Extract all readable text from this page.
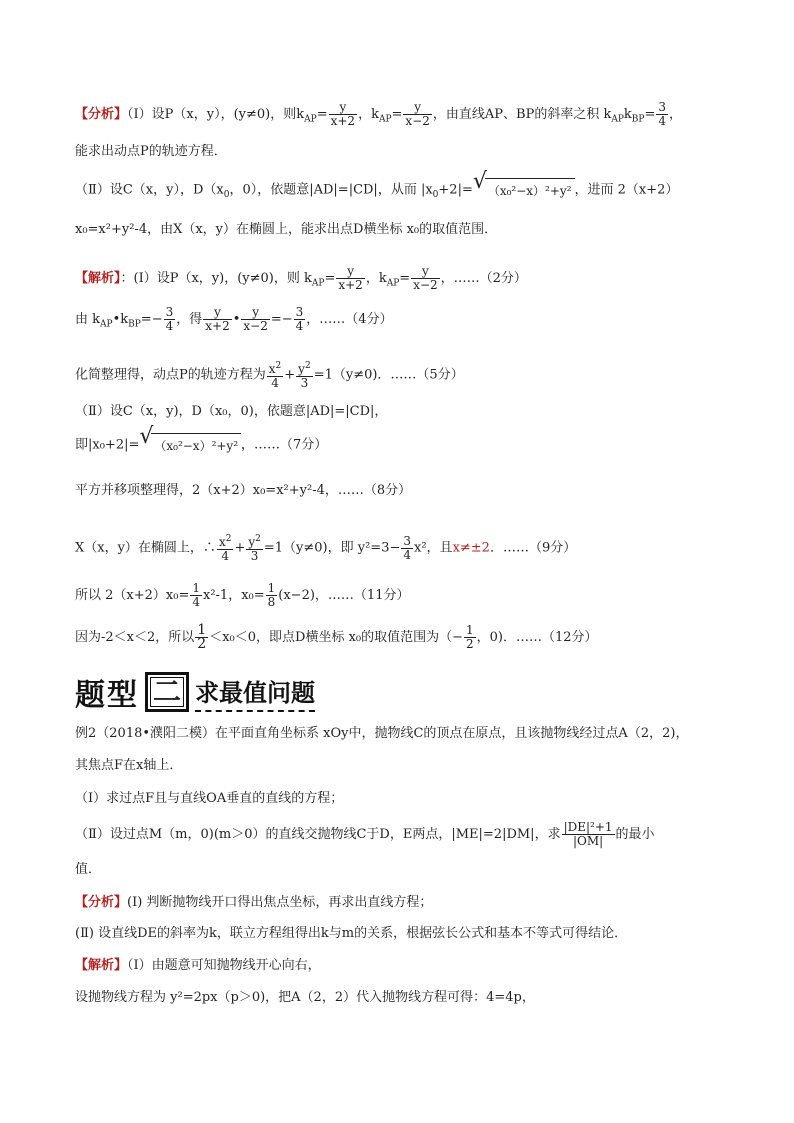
【分析】（Ⅰ）设P（x，y），(y≠0)，则$k_{AP}= \frac{y}{x+2}$ ，$k_{AP}= \frac{y}{x-2}$ ，由直线AP、BP的斜率之积 $k_{AP}k_{BP}= \frac{3}{4}$ ，
能求出动点P的轨迹方程．
（Ⅱ）设C（x，y），$D(x_0$，0），依题意|AD|=|CD|，从而 $|x_0+2|=$ √ （x₀²−x）²+y² ，进而 2（x+2）
x₀=x²+y²-4，由X（x，y）在椭圆上，能求出点D横坐标 x₀的取值范围．
【解析】：(Ⅰ）设P（x，y)，(y≠0)，则 $k_{AP}= \frac{y}{x+2}$ ，$k_{AP}= \frac{y}{x-2}$ ，……（2分）
由 $k_{AP}•k_{BP}=- \frac{3}{4}$ ，得 $\frac{y}{x+2}$ • $\frac{y}{x-2} =- \frac{3}{4}$ ，……（4分）
化简整理得，动点P的轨迹方程为 $\frac{x^2}{4} + \frac{y^2}{3} =1(y\ne 0)$．……（5分）
（Ⅱ）设C（x，y)，D（x₀，0)，依题意|AD|=|CD|，
即|x₀+2|= √ （x₀²−x）²+y² ，……（7分）
平方并移项整理得，2（x+2）x₀=x²+y²-4，……（8分）
X（x，y）在椭圆上，∴ $\frac{x^2}{4} + \frac{y^2}{3} =1(y\ne 0)$，即 $y^2=3- \frac{3}{4} x^2$，且x≠±2．……（9分）
所以 $2(x+2)x_0= \frac{1}{4} x^2-1$，$x_0= \frac{1}{8} (x-2)$，……（11分）
因为-2＜x＜2，所以 $\frac{1}{2} <x_0<0$，即点D横坐标 x₀的取值范围为（− $\frac{1}{2}$ ，0)．……（12分）
题 型 二 求最值问题
例2（2018•濮阳二模）在平面直角坐标系 xOy中，抛物线C的顶点在原点，且该抛物线经过点A（2，2)，
其焦点F在x轴上．
（Ⅰ）求过点F且与直线OA垂直的直线的方程；
（Ⅱ）设过点M（m，0)(m＞0）的直线交抛物线C于D，E两点，|ME|=2|DM|，求 $\frac{\text{|DE|²+1}}{|OM|}$ 的最小
值．
【分析】(Ⅰ) 判断抛物线开口得出焦点坐标，再求出直线方程；
(Ⅱ) 设直线DE的斜率为k，联立方程组得出k与m的关系，根据弦长公式和基本不等式可得结论．
【解析】（Ⅰ）由题意可知抛物线开心向右，
设抛物线方程为 y²=2px（p＞0)，把A（2，2）代入抛物线方程可得：4=4p，
